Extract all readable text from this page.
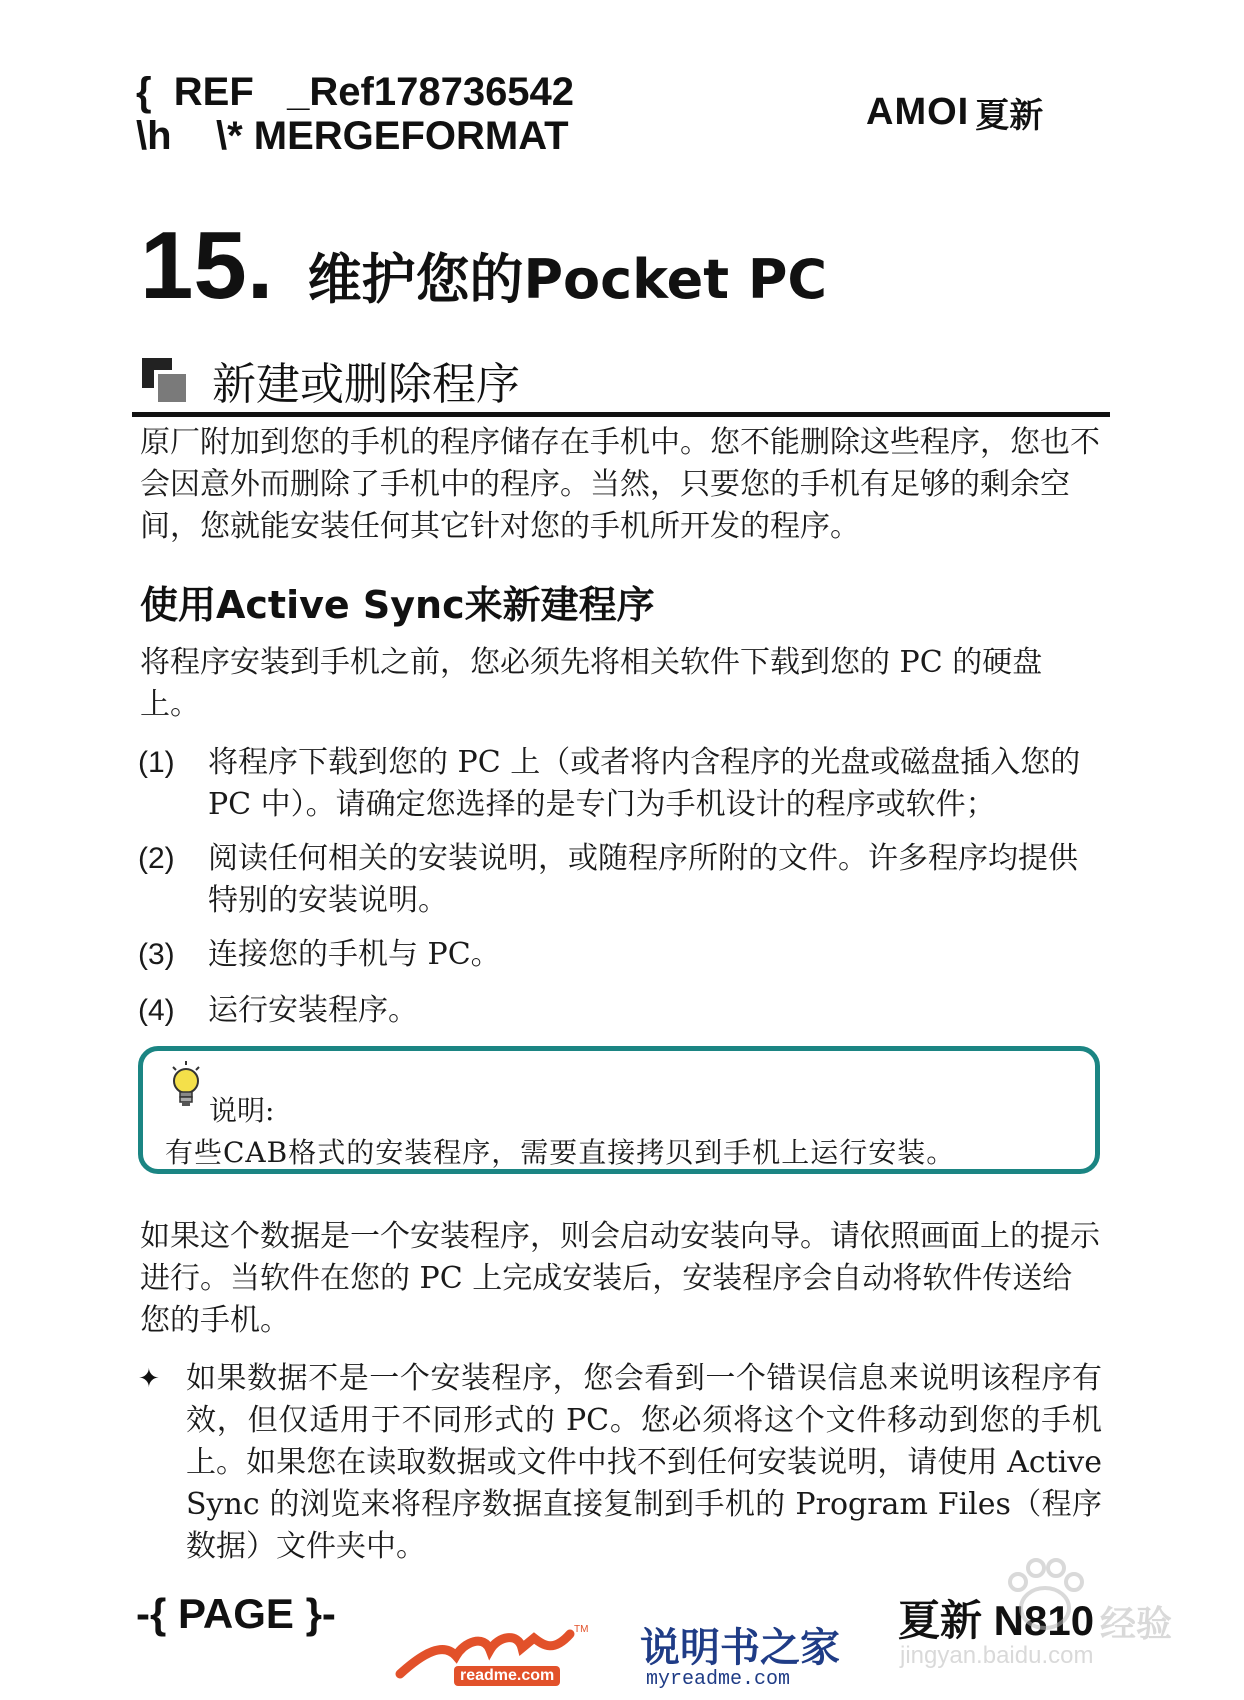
{  REF   _Ref178736542
\h    \* MERGEFORMAT
AMOI 夏新
15. 维护您的Pocket PC
新建或删除程序

原厂附加到您的手机的程序储存在手机中。您不能删除这些程序，您也不会因意外而删除了手机中的程序。当然，只要您的手机有足够的剩余空间，您就能安装任何其它针对您的手机所开发的程序。

使用Active Sync来新建程序

将程序安装到手机之前，您必须先将相关软件下载到您的 PC 的硬盘上。

(1)	将程序下载到您的 PC 上（或者将内含程序的光盘或磁盘插入您的 PC 中）。请确定您选择的是专门为手机设计的程序或软件；
(2)	阅读任何相关的安装说明，或随程序所附的文件。许多程序均提供特别的安装说明。
(3)	连接您的手机与 PC。
(4)	运行安装程序。
说明:
有些CAB格式的安装程序，需要直接拷贝到手机上运行安装。

如果这个数据是一个安装程序，则会启动安装向导。请依照画面上的提示进行。当软件在您的 PC 上完成安装后，安装程序会自动将软件传送给您的手机。

✦ 如果数据不是一个安装程序，您会看到一个错误信息来说明该程序有效，但仅适用于不同形式的 PC。您必须将这个文件移动到您的手机上。如果您在读取数据或文件中找不到任何安装说明，请使用 Active Sync 的浏览来将程序数据直接复制到手机的 Program Files（程序数据）文件夹中。

-{ PAGE }-	TM
readme.com
说明书之家
myreadme.com
夏新 N810 经验
jingyan.baidu.com
